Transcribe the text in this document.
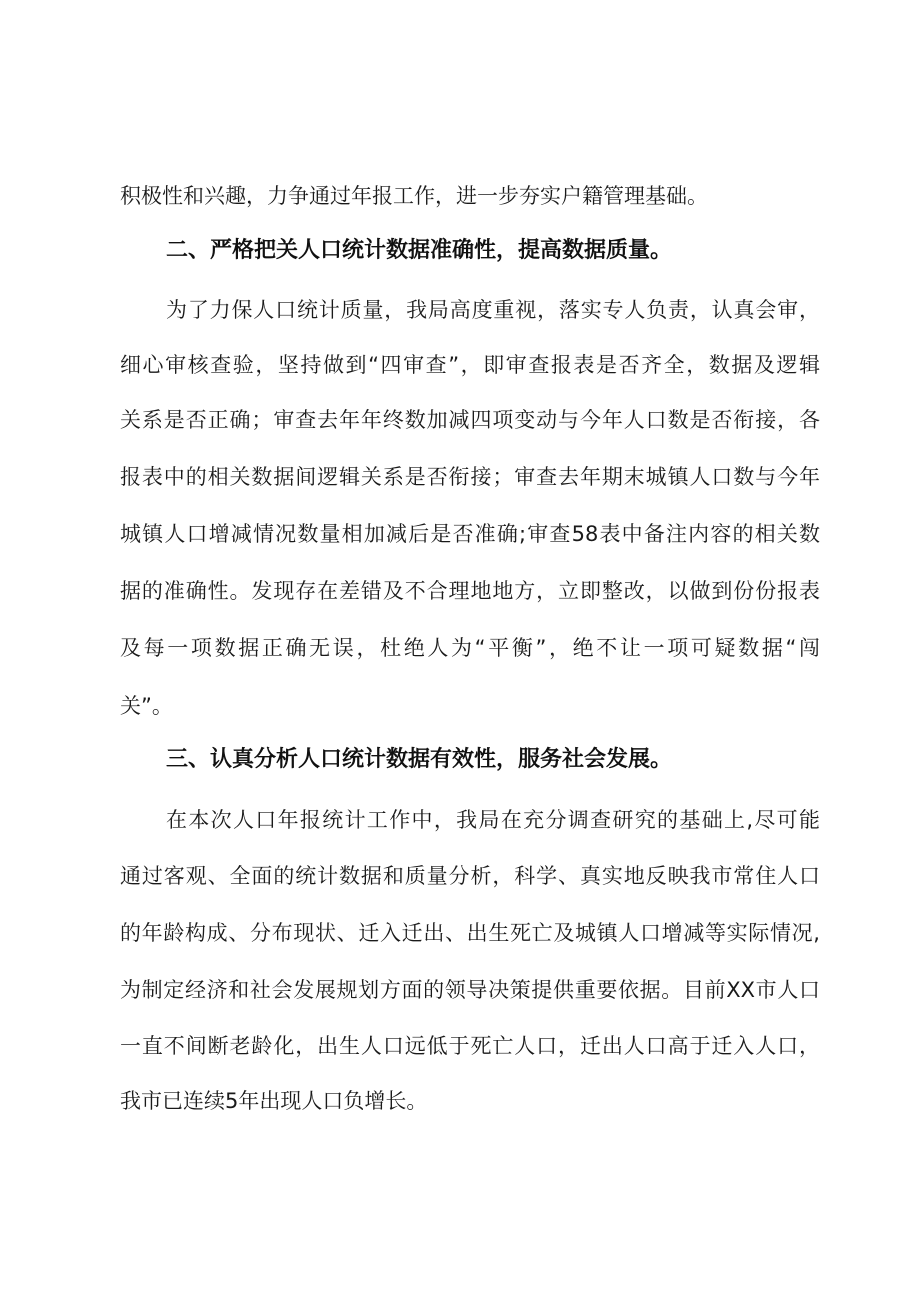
积极性和兴趣，力争通过年报工作，进一步夯实户籍管理基础。
二、严格把关人口统计数据准确性，提高数据质量。
为了力保人口统计质量，我局高度重视，落实专人负责，认真会审，
细心审核查验，坚持做到“四审查”，即审查报表是否齐全，数据及逻辑
关系是否正确；审查去年年终数加减四项变动与今年人口数是否衔接，各
报表中的相关数据间逻辑关系是否衔接；审查去年期末城镇人口数与今年
城镇人口增减情况数量相加减后是否准确;审查58表中备注内容的相关数
据的准确性。发现存在差错及不合理地地方，立即整改，以做到份份报表
及每一项数据正确无误，杜绝人为“平衡”，绝不让一项可疑数据“闯
关”。
三、认真分析人口统计数据有效性，服务社会发展。
在本次人口年报统计工作中，我局在充分调查研究的基础上,尽可能
通过客观、全面的统计数据和质量分析，科学、真实地反映我市常住人口
的年龄构成、分布现状、迁入迁出、出生死亡及城镇人口增减等实际情况,
为制定经济和社会发展规划方面的领导决策提供重要依据。目前XX市人口
一直不间断老龄化，出生人口远低于死亡人口，迁出人口高于迁入人口，
我市已连续5年出现人口负增长。
